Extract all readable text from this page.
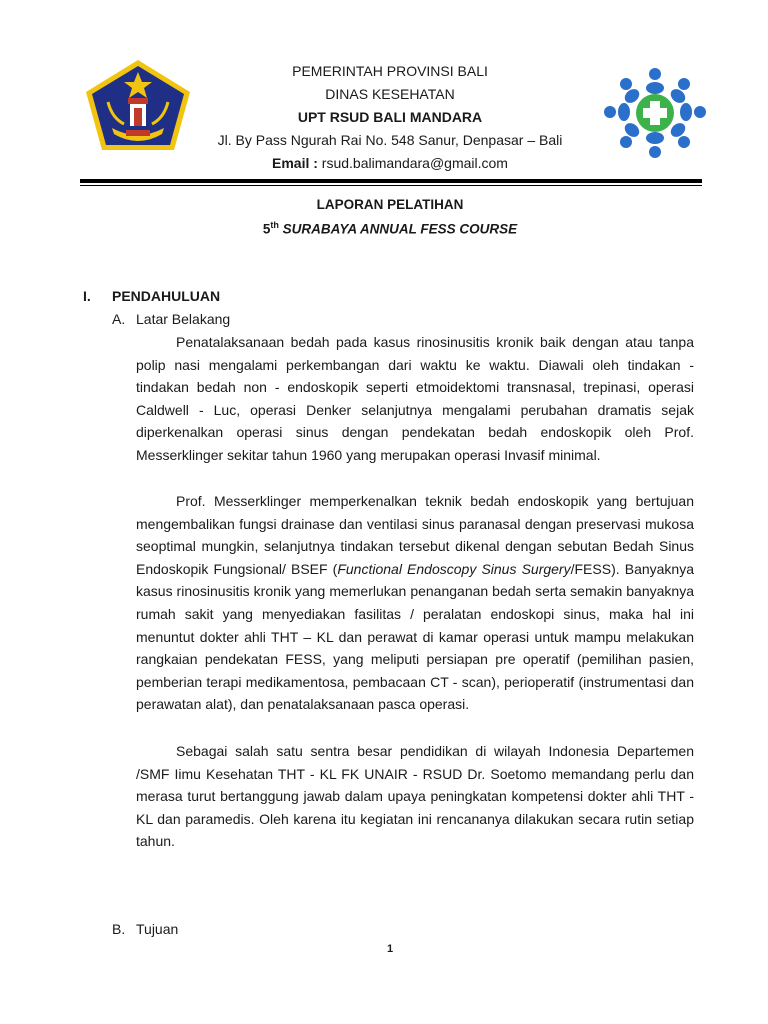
PEMERINTAH PROVINSI BALI
DINAS KESEHATAN
UPT RSUD BALI MANDARA
Jl. By Pass Ngurah Rai No. 548 Sanur, Denpasar – Bali
Email : rsud.balimandara@gmail.com
LAPORAN PELATIHAN
5th SURABAYA ANNUAL FESS COURSE
I. PENDAHULUAN
A. Latar Belakang

Penatalaksanaan bedah pada kasus rinosinusitis kronik baik dengan atau tanpa polip nasi mengalami perkembangan dari waktu ke waktu. Diawali oleh tindakan - tindakan bedah non - endoskopik seperti etmoidektomi transnasal, trepinasi, operasi Caldwell - Luc, operasi Denker selanjutnya mengalami perubahan dramatis sejak diperkenalkan operasi sinus dengan pendekatan bedah endoskopik oleh Prof. Messerklinger sekitar tahun 1960 yang merupakan operasi Invasif minimal.

Prof. Messerklinger memperkenalkan teknik bedah endoskopik yang bertujuan mengembalikan fungsi drainase dan ventilasi sinus paranasal dengan preservasi mukosa seoptimal mungkin, selanjutnya tindakan tersebut dikenal dengan sebutan Bedah Sinus Endoskopik Fungsional/ BSEF (Functional Endoscopy Sinus Surgery/FESS). Banyaknya kasus rinosinusitis kronik yang memerlukan penanganan bedah serta semakin banyaknya rumah sakit yang menyediakan fasilitas / peralatan endoskopi sinus, maka hal ini menuntut dokter ahli THT – KL dan perawat di kamar operasi untuk mampu melakukan rangkaian pendekatan FESS, yang meliputi persiapan pre operatif (pemilihan pasien, pemberian terapi medikamentosa, pembacaan CT - scan), perioperatif (instrumentasi dan perawatan alat), dan penatalaksanaan pasca operasi.

Sebagai salah satu sentra besar pendidikan di wilayah Indonesia Departemen /SMF Iimu Kesehatan THT - KL FK UNAIR - RSUD Dr. Soetomo memandang perlu dan merasa turut bertanggung jawab dalam upaya peningkatan kompetensi dokter ahli THT - KL dan paramedis. Oleh karena itu kegiatan ini rencananya dilakukan secara rutin setiap tahun.

B. Tujuan
1
